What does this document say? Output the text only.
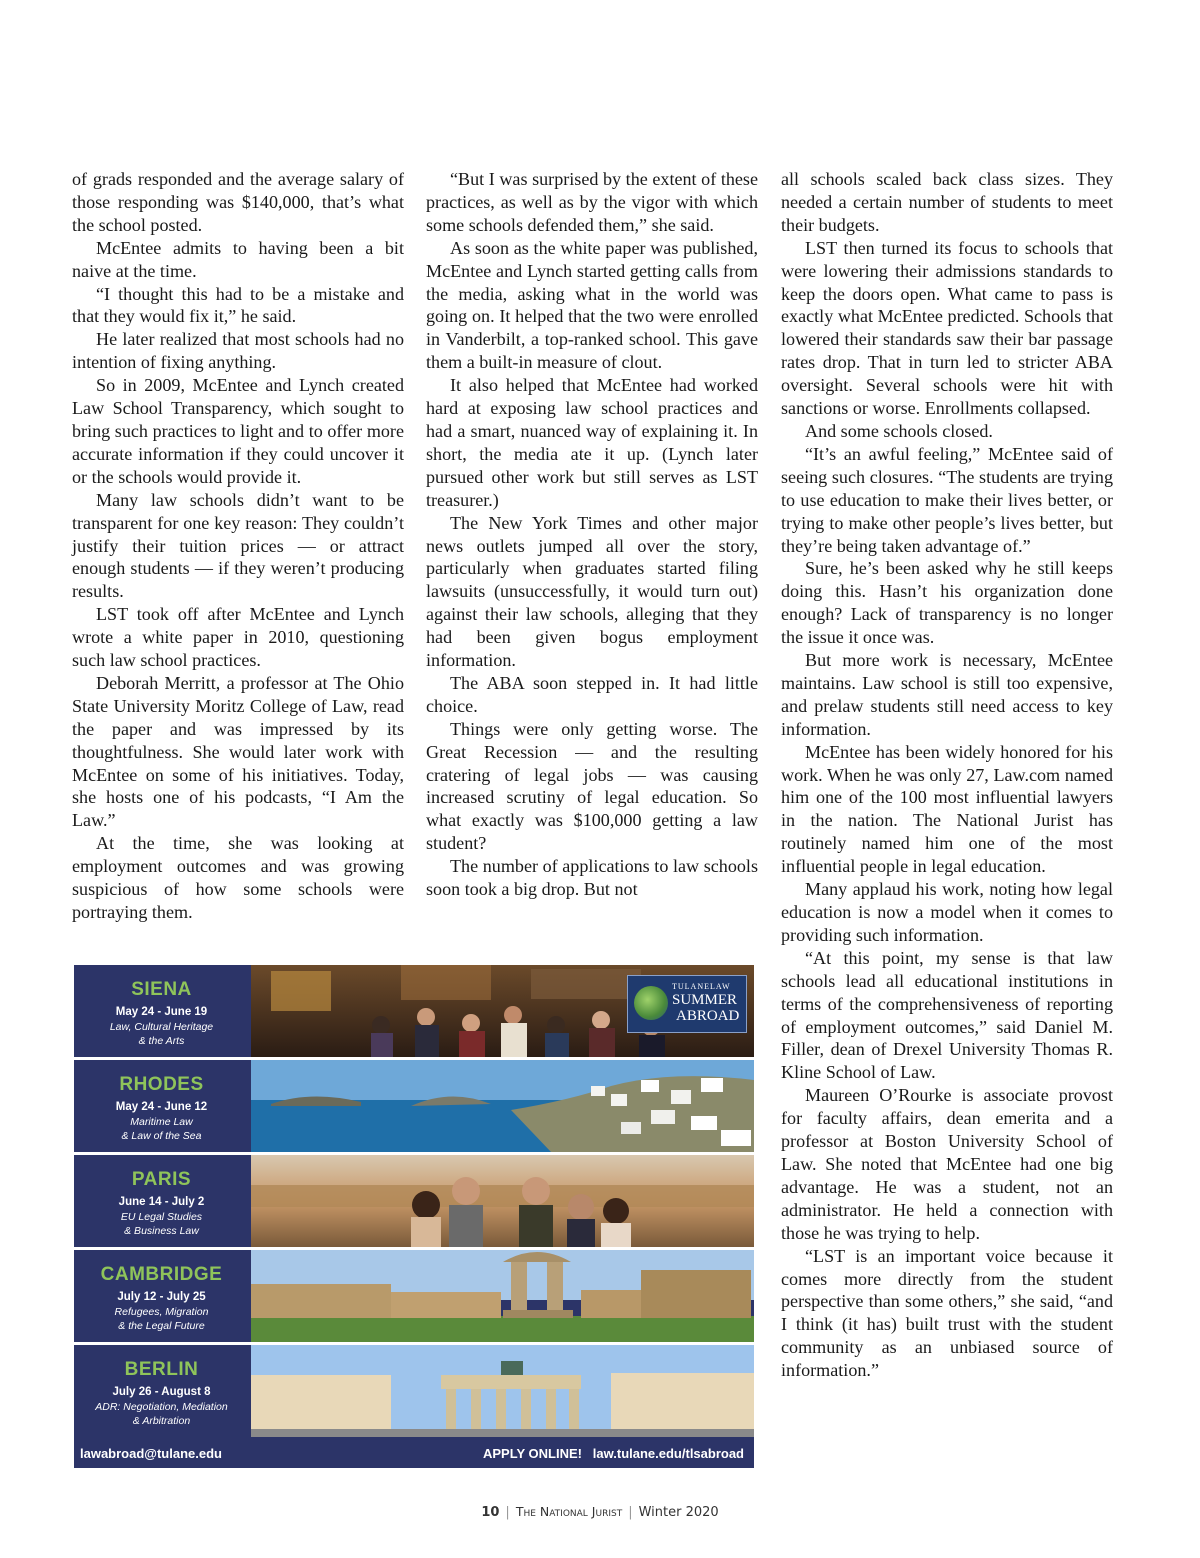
of grads responded and the average salary of those responding was $140,000, that’s what the school posted.

McEntee admits to having been a bit naive at the time.

“I thought this had to be a mistake and that they would fix it,” he said.

He later realized that most schools had no intention of fixing anything.

So in 2009, McEntee and Lynch created Law School Transparency, which sought to bring such practices to light and to offer more accurate information if they could uncover it or the schools would provide it.

Many law schools didn’t want to be transparent for one key reason: They couldn’t justify their tuition prices — or attract enough students — if they weren’t producing results.

LST took off after McEntee and Lynch wrote a white paper in 2010, questioning such law school practices.

Deborah Merritt, a professor at The Ohio State University Moritz College of Law, read the paper and was impressed by its thoughtfulness. She would later work with McEntee on some of his initiatives. Today, she hosts one of his podcasts, “I Am the Law.”

At the time, she was looking at employment outcomes and was growing suspicious of how some schools were portraying them.

“But I was surprised by the extent of these practices, as well as by the vigor with which some schools defended them,” she said.

As soon as the white paper was published, McEntee and Lynch started getting calls from the media, asking what in the world was going on. It helped that the two were enrolled in Vanderbilt, a top-ranked school. This gave them a built-in measure of clout.

It also helped that McEntee had worked hard at exposing law school practices and had a smart, nuanced way of explaining it. In short, the media ate it up. (Lynch later pursued other work but still serves as LST treasurer.)

The New York Times and other major news outlets jumped all over the story, particularly when graduates started filing lawsuits (unsuccessfully, it would turn out) against their law schools, alleging that they had been given bogus employment information.

The ABA soon stepped in. It had little choice.

Things were only getting worse. The Great Recession — and the resulting cratering of legal jobs — was causing increased scrutiny of legal education. So what exactly was $100,000 getting a law student?

The number of applications to law schools soon took a big drop. But not

all schools scaled back class sizes. They needed a certain number of students to meet their budgets.

LST then turned its focus to schools that were lowering their admissions standards to keep the doors open. What came to pass is exactly what McEntee predicted. Schools that lowered their standards saw their bar passage rates drop. That in turn led to stricter ABA oversight. Several schools were hit with sanctions or worse. Enrollments collapsed.

And some schools closed.

“It’s an awful feeling,” McEntee said of seeing such closures. “The students are trying to use education to make their lives better, or trying to make other people’s lives better, but they’re being taken advantage of.”

Sure, he’s been asked why he still keeps doing this. Hasn’t his organization done enough? Lack of transparency is no longer the issue it once was.

But more work is necessary, McEntee maintains. Law school is still too expensive, and prelaw students still need access to key information.

McEntee has been widely honored for his work. When he was only 27, Law.com named him one of the 100 most influential lawyers in the nation. The National Jurist has routinely named him one of the most influential people in legal education.

Many applaud his work, noting how legal education is now a model when it comes to providing such information.

“At this point, my sense is that law schools lead all educational institutions in terms of the comprehensiveness of reporting of employment outcomes,” said Daniel M. Filler, dean of Drexel University Thomas R. Kline School of Law.

Maureen O’Rourke is associate provost for faculty affairs, dean emerita and a professor at Boston University School of Law. She noted that McEntee had one big advantage. He was a student, not an administrator. He held a connection with those he was trying to help.

“LST is an important voice because it comes more directly from the student perspective than some others,” she said, “and I think (it has) built trust with the student community as an unbiased source of information.”

SIENA
May 24 - June 19
Law, Cultural Heritage
& the Arts
TULANELAW
SUMMER
ABROAD
RHODES
May 24 - June 12
Maritime Law
& Law of the Sea
PARIS
June 14 - July 2
EU Legal Studies
& Business Law
CAMBRIDGE
July 12 - July 25
Refugees, Migration
& the Legal Future
BERLIN
July 26 - August 8
ADR: Negotiation, Mediation
& Arbitration
lawabroad@tulane.edu	APPLY ONLINE!   law.tulane.edu/tlsabroad
10 | The National Jurist | Winter 2020
